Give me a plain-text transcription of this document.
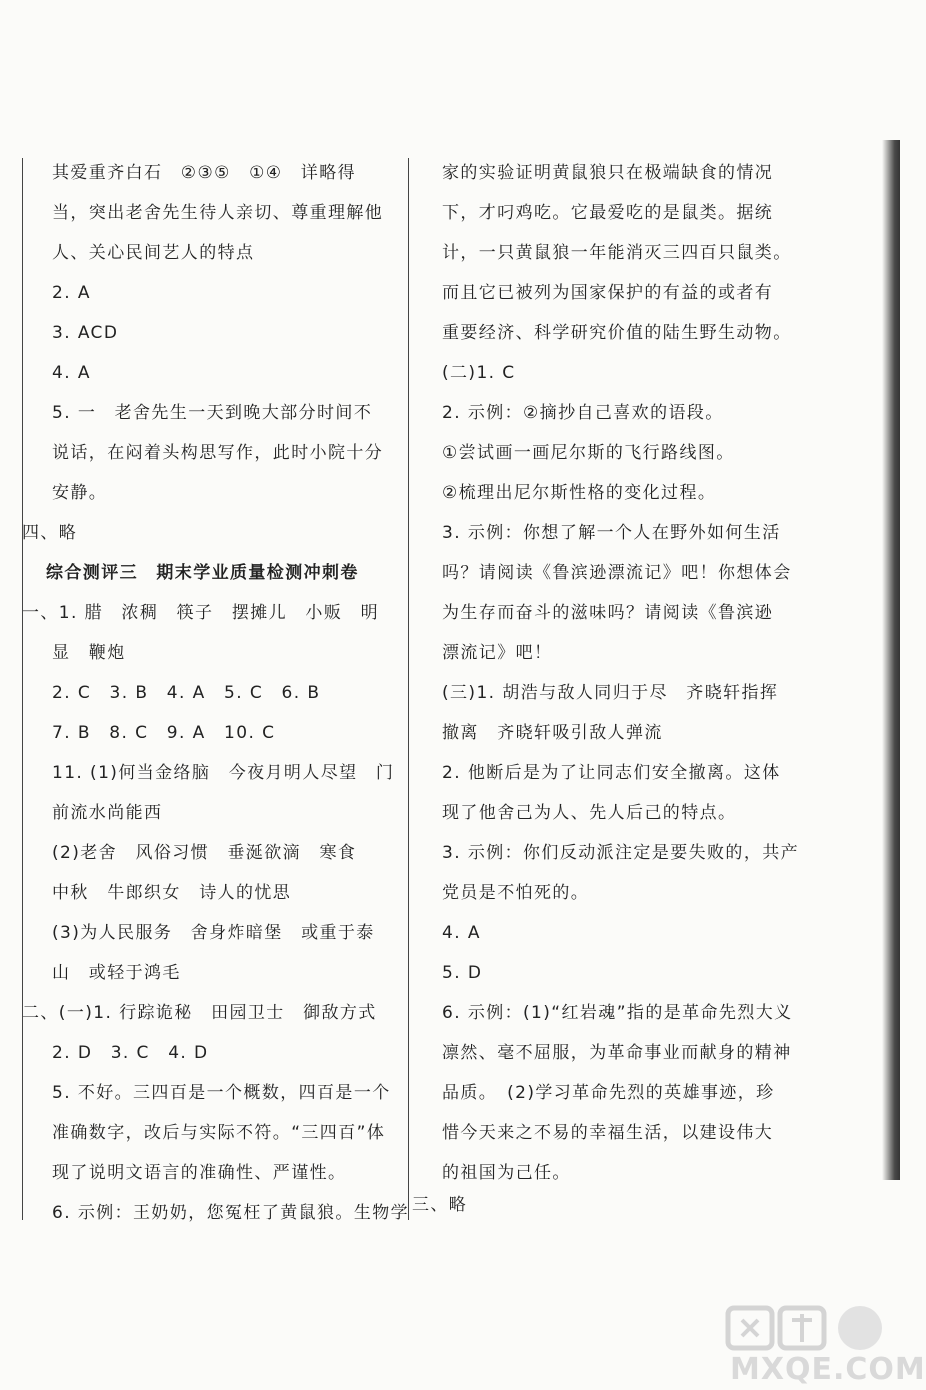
其爱重齐白石　②③⑤　①④　详略得

当，突出老舍先生待人亲切、尊重理解他

人、关心民间艺人的特点

2. A

3. ACD

4. A

5. 一　老舍先生一天到晚大部分时间不

说话，在闷着头构思写作，此时小院十分

安静。

四、略

综合测评三　期末学业质量检测冲刺卷

一、1. 腊　浓稠　筷子　摆摊儿　小贩　明

显　鞭炮

2. C　3. B　4. A　5. C　6. B

7. B　8. C　9. A　10. C

11. (1)何当金络脑　今夜月明人尽望　门

前流水尚能西

(2)老舍　风俗习惯　垂涎欲滴　寒食

中秋　牛郎织女　诗人的忧思

(3)为人民服务　舍身炸暗堡　或重于泰

山　或轻于鸿毛

二、(一)1. 行踪诡秘　田园卫士　御敌方式

2. D　3. C　4. D

5. 不好。三四百是一个概数，四百是一个

准确数字，改后与实际不符。“三四百”体

现了说明文语言的准确性、严谨性。

6. 示例：王奶奶，您冤枉了黄鼠狼。生物学

家的实验证明黄鼠狼只在极端缺食的情况

下，才叼鸡吃。它最爱吃的是鼠类。据统

计，一只黄鼠狼一年能消灭三四百只鼠类。

而且它已被列为国家保护的有益的或者有

重要经济、科学研究价值的陆生野生动物。

(二)1. C

2. 示例：②摘抄自己喜欢的语段。

①尝试画一画尼尔斯的飞行路线图。

②梳理出尼尔斯性格的变化过程。

3. 示例：你想了解一个人在野外如何生活

吗？请阅读《鲁滨逊漂流记》吧！你想体会

为生存而奋斗的滋味吗？请阅读《鲁滨逊

漂流记》吧！

(三)1. 胡浩与敌人同归于尽　齐晓轩指挥

撤离　齐晓轩吸引敌人弹流

2. 他断后是为了让同志们安全撤离。这体

现了他舍己为人、先人后己的特点。

3. 示例：你们反动派注定是要失败的，共产

党员是不怕死的。

4. A

5. D

6. 示例：(1)“红岩魂”指的是革命先烈大义

凛然、毫不屈服，为革命事业而献身的精神

品质。　(2)学习革命先烈的英雄事迹，珍

惜今天来之不易的幸福生活，以建设伟大

的祖国为己任。

三、略

MXQE.COM
